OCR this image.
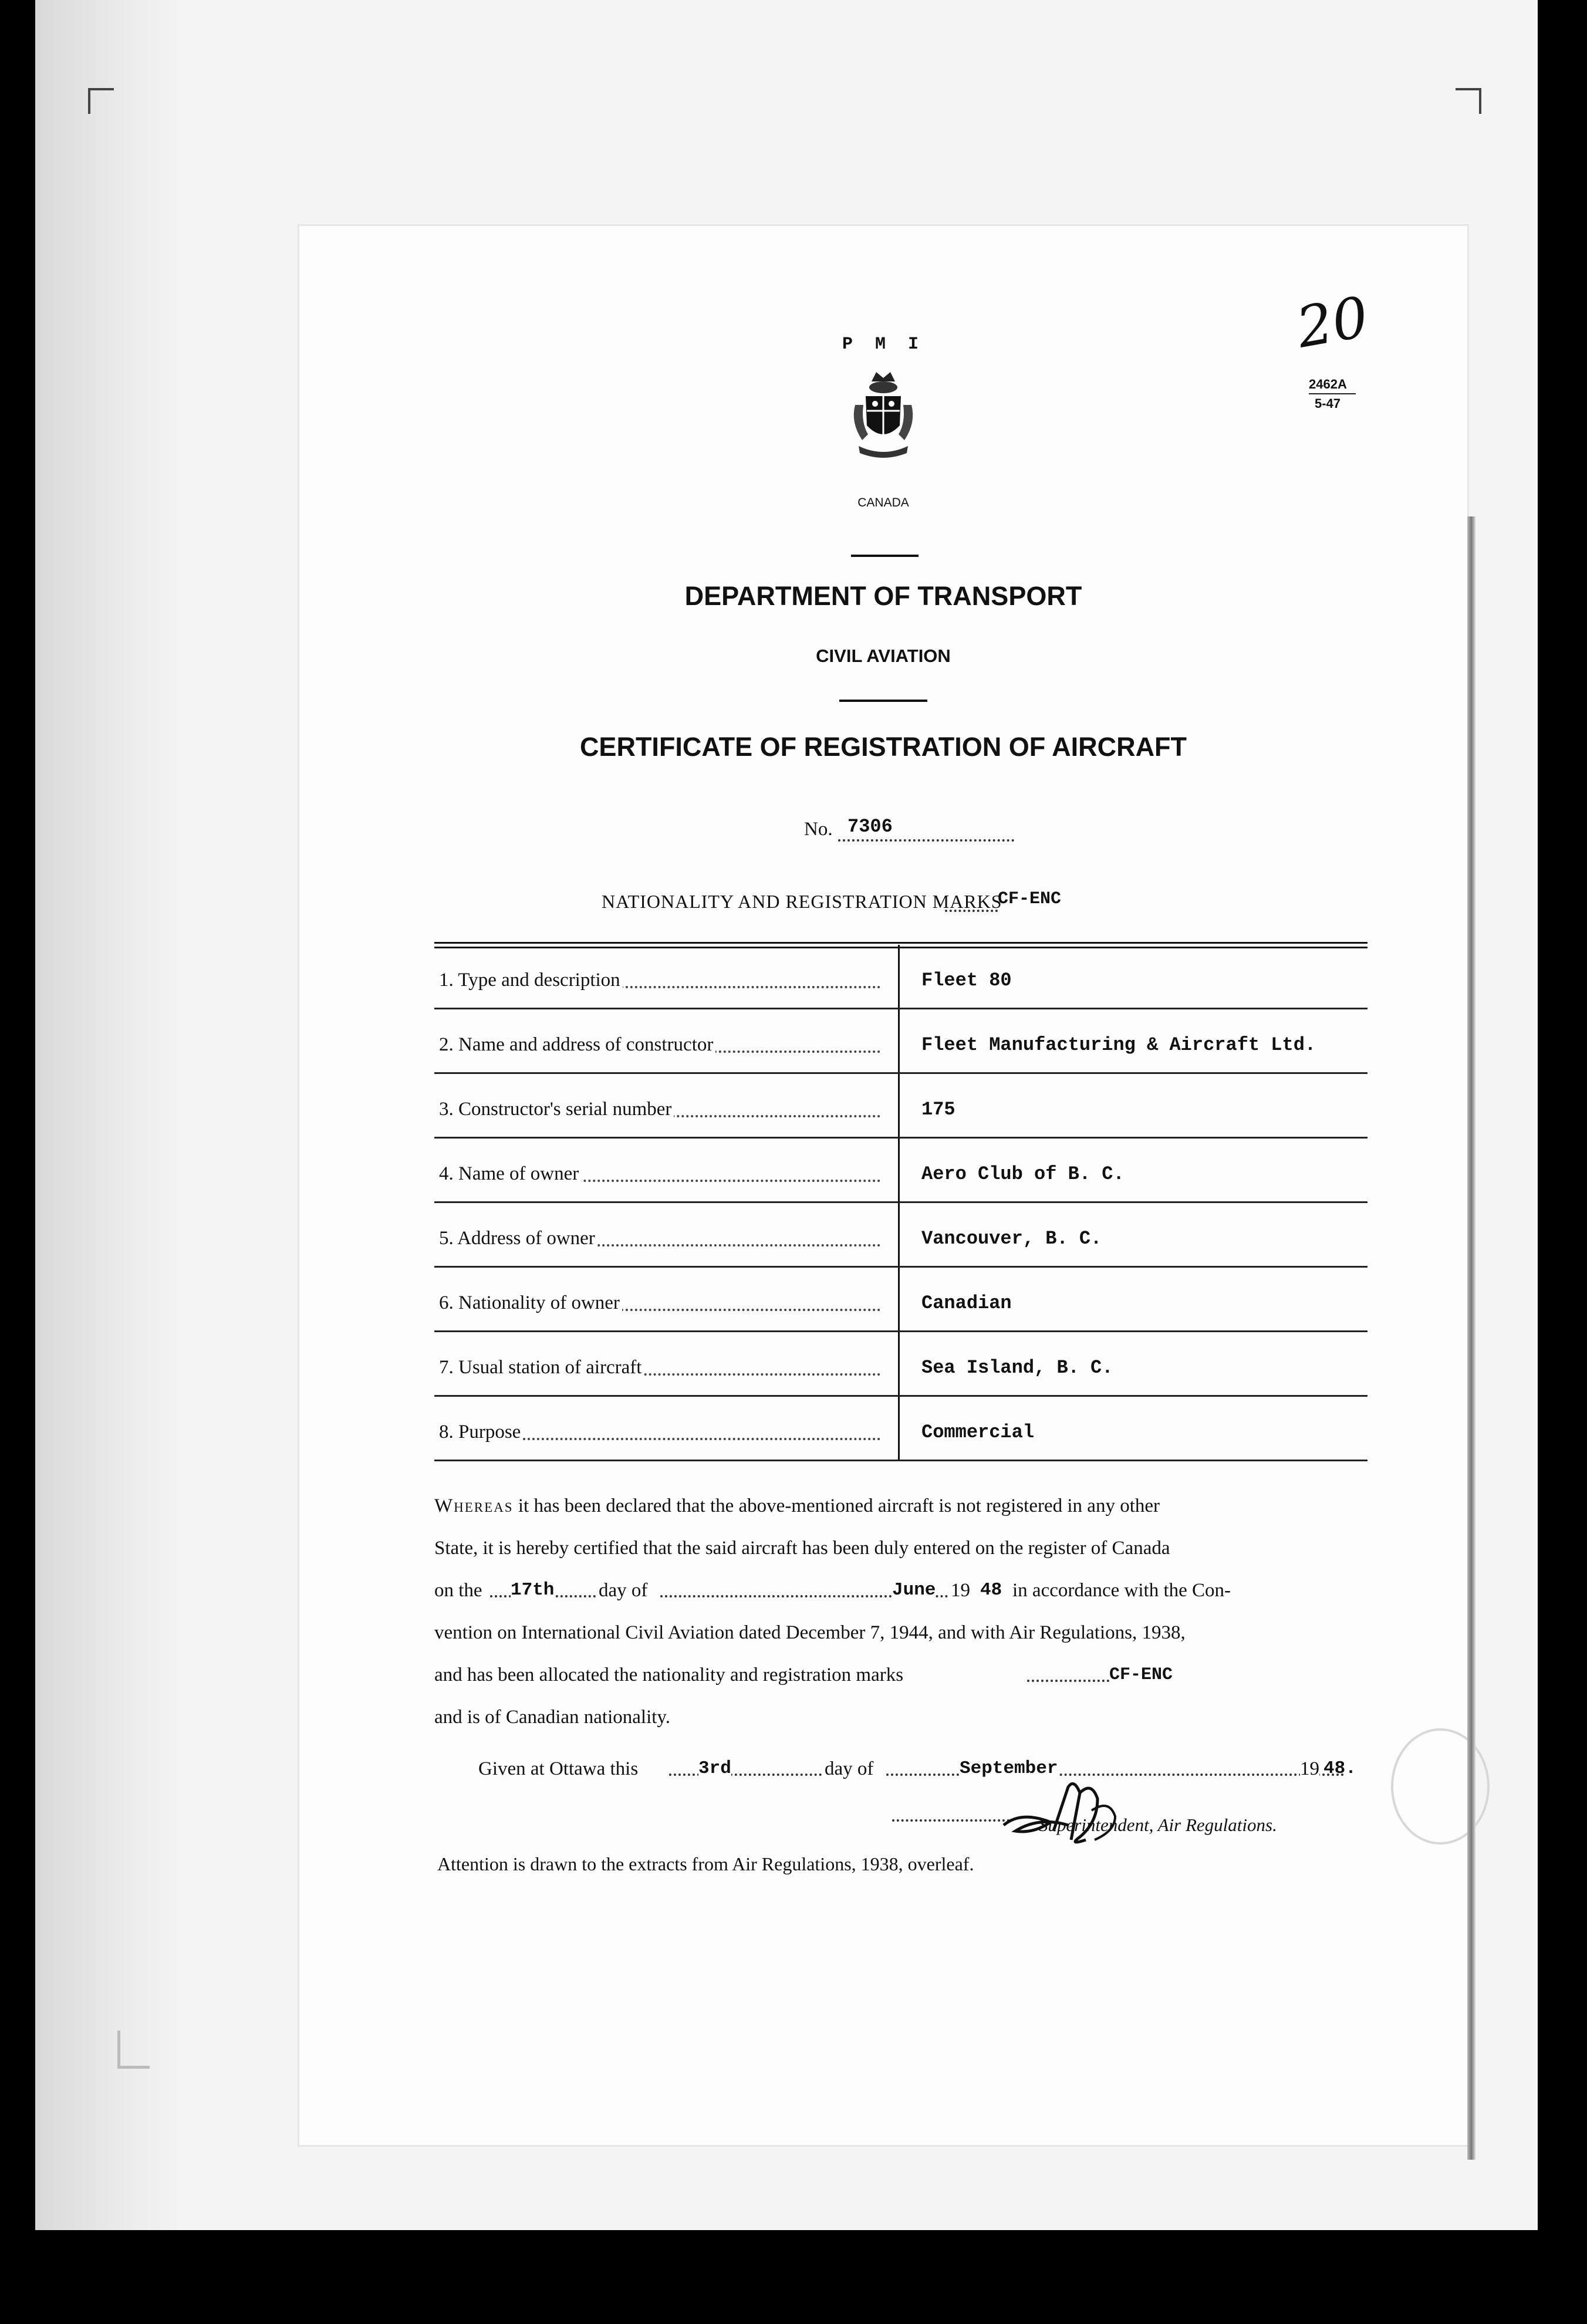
P M I
CANADA
2462A
5-47
20
DEPARTMENT OF TRANSPORT
CIVIL AVIATION
CERTIFICATE OF REGISTRATION OF AIRCRAFT
No. 7306
NATIONALITY AND REGISTRATION MARKS
CF-ENC
1. Type and description	Fleet 80
2. Name and address of constructor	Fleet Manufacturing & Aircraft Ltd.
3. Constructor's serial number	175
4. Name of owner	Aero Club of B. C.
5. Address of owner	Vancouver, B. C.
6. Nationality of owner	Canadian
7. Usual station of aircraft	Sea Island, B. C.
8. Purpose	Commercial
Whereas it has been declared that the above-mentioned aircraft is not registered in any other
State, it is hereby certified that the said aircraft has been duly entered on the register of Canada
on the 17th day of	June 19 48 in accordance with the Con-
vention on International Civil Aviation dated December 7, 1944, and with Air Regulations, 1938,
and has been allocated the nationality and registration marks	CF-ENC
and is of Canadian nationality.
Given at Ottawa this	3rd	day of	September	19 48.
Superintendent, Air Regulations.
Attention is drawn to the extracts from Air Regulations, 1938, overleaf.
